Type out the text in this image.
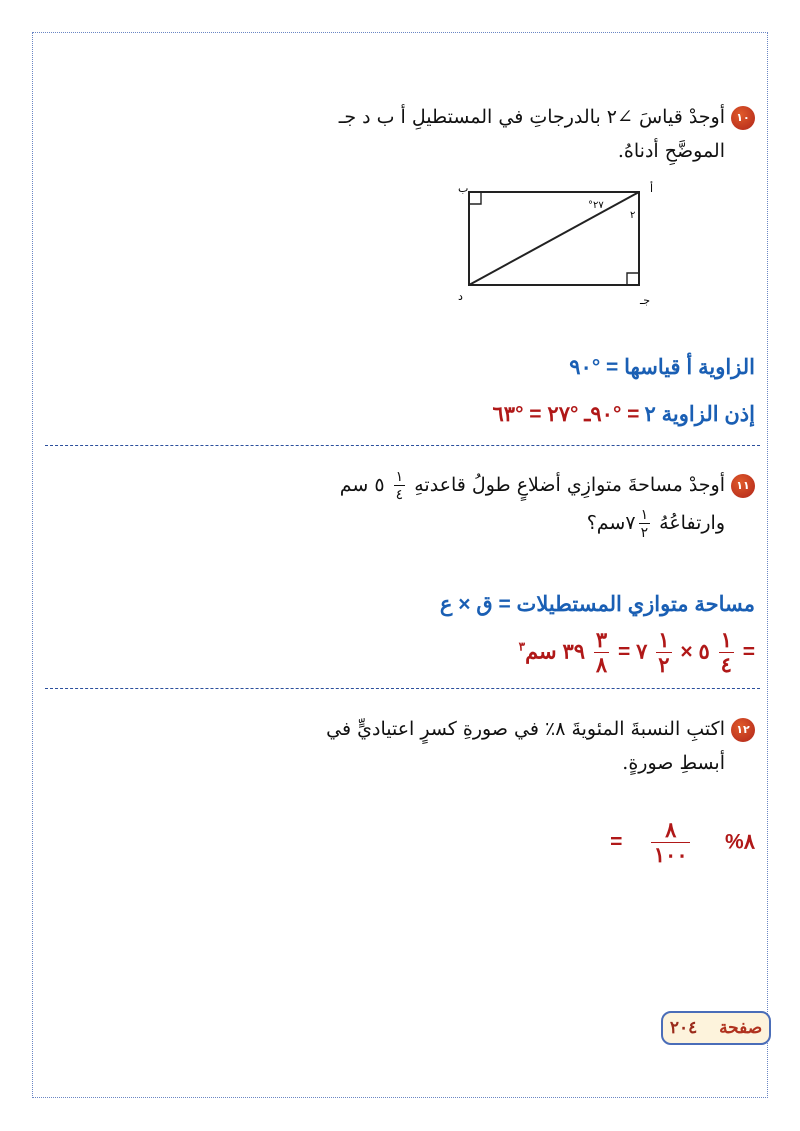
١٠أوجدْ قياسَ ∠٢ بالدرجاتِ في المستطيلِ أ ب د جـ
الموضَّحِ أدناهُ.
أ
ب
د	جـ
°٢٧
٢
الزاوية أ قياسها = °٩٠
إذن الزاوية ٢ = °٩٠ـ °٢٧ = °٦٣
١١أوجدْ مساحةَ متوازِي أضلاعٍ طولُ قاعدتهِ
$\frac{١}{٤}$
٥ سم
وارتفاعُهُ
$\frac{١}{٢}$
٧سم؟
مساحة متوازي المستطيلات = ق × ع
=
$\frac{١}{٤}$
٥ ×
$\frac{١}{٢}$
٧ =
$\frac{٣}{٨}$
٣٩ سم$^٣$
١٢اكتبِ النسبةَ المئويةَ ٨٪ في صورةِ كسرٍ اعتياديٍّ في
أبسطِ صورةٍ.
٨%
$\frac{٨}{١٠٠}$
=
صفحة  ٢٠٤
